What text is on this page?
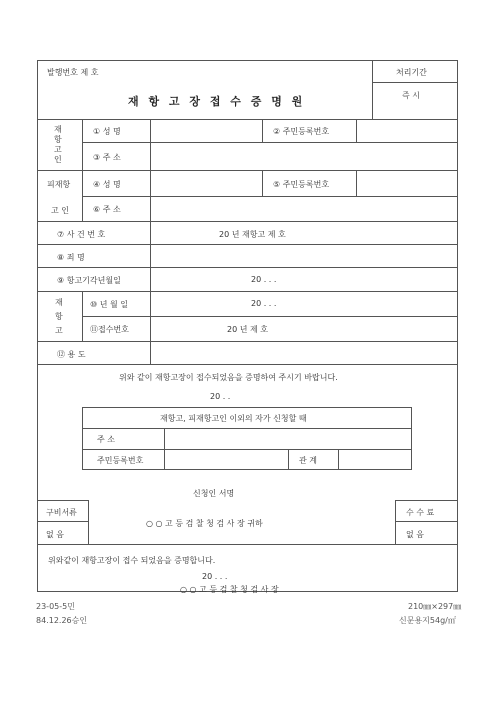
발행번호 제 호	처리기간
즉 시
재 항 고 장 접 수 증 명 원
재
항
고
인
① 성 명	② 주민등록번호
③ 주 소
피재항
고 인
④ 성 명	⑤ 주민등록번호
⑥ 주 소
⑦ 사 건 번 호	20 년 재항고 제 호
⑧ 죄 명
⑨ 항고기각년월일	20 . . .
재
항
고
⑩ 년 월 일	20 . . .
⑪접수번호	20 년 제 호
⑫ 용 도
위와 같이 재항고장이 접수되었음을 증명하여 주시기 바랍니다.
20 . .
재항고, 피재항고인 이외의 자가 신청할 때
주 소
주민등록번호	관 계
신청인 서명
구비서류
없 음
○ ○ 고 등 검 찰 청 검 사 장 귀하
수 수 료
없 음
위와같이 재항고장이 접수 되었음을 증명합니다.
20 . . .
○ ○ 고 등 검 찰 청 검 사 장
23-05-5민
84.12.26승인
210㎜×297㎜
신문용지54g/㎡
